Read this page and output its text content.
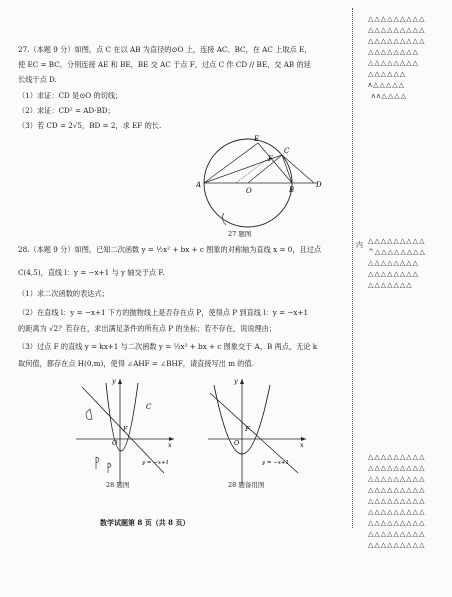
27.（本题 9 分）如图，点 C 在以 AB 为直径的⊙O 上，连接 AC、BC，在 AC 上取点 E，
使 EC = BC，分别连接 AE 和 BE，BE 交 AC 于点 F，过点 C 作 CD // BE，交 AB 的延
长线于点 D.
（1）求证：CD 是⊙O 的切线；
（2）求证：CD² = AD·BD；
（3）若 CD = 2√5，BD = 2，求 EF 的长.
A
E
C
F
O	B
D
27 题图
28.（本题 9 分）如图，已知二次函数 y = ½x² + bx + c 图象的对称轴为直线 x = 0，且过点
C(4,5)，直线 l：y = −x+1 与 y 轴交于点 F.
（1）求二次函数的表达式；
（2）在直线 l：y = −x+1 下方的抛物线上是否存在点 P，使得点 P 到直线 l：y = −x+1
的距离为 √2？若存在，求出满足条件的所有点 P 的坐标；若不存在，说说理由；
（3）过点 F 的直线 y = kx+1 与二次函数 y = ½x² + bx + c 图象交于 A，B 两点，无论 k
取何值，都存在点 H(0,m)，使得 ∠AHF = ∠BHF，请直接写出 m 的值.
C
F
O	x
y
y = −x+1
28 题图
F
O	x
y
y = −x+1
28 题备用图
数学试题第 8 页（共 8 页）
△△△△△△△△△
△△△△△△△△△
△△△△△△△△△
△△△△△△△△
△△△△△△△△
△△△△△△
ʌ△△△△△
ʌʌ△△△△
内 △△△△△△△△△
^△△△△△△△△
△△△△△△△△
△△△△△△△△
△△△△△△△
△△△△△△△△△
△△△△△△△△△
△△△△△△△△△
△△△△△△△△△
△△△△△△△△△
△△△△△△△△△
△△△△△△△△△
△△△△△△△△△
△△△△△△△△△
